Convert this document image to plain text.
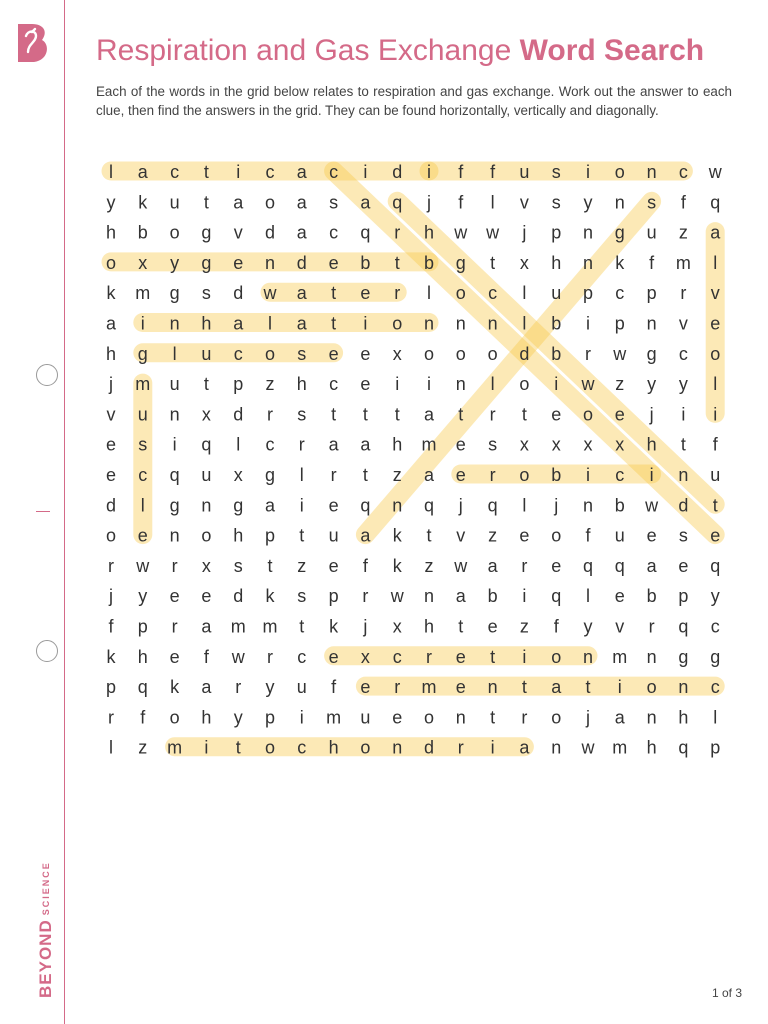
BEYONDSCIENCE
Respiration and Gas Exchange Word Search

Each of the words in the grid below relates to respiration and gas exchange. Work out the answer to each clue, then find the answers in the grid. They can be found horizontally, vertically and diagonally.

l a c t i c a c i d i f f u s i o n c w
y k u t a o a s a q j f l v s y n s f q
h b o g v d a c q r h w w j p n g u z a
o x y g e n d e b t b g t x h n k f m l
k m g s d w a t e r l o c l u p c p r v
a i n h a l a t i o n n n l b i p n v e
h g l u c o s e e x o o o d b r w g c o
j m u t p z h c e i i n l o i w z y y l
v u n x d r s t t t a t r t e o e j i i
e s i q l c r a a h m e s x x x x h t f
e c q u x g l r t z a e r o b i c i n u
d l g n g a i e q n q j q l j n b w d t
o e n o h p t u a k t v z e o f u e s e
r w r x s t z e f k z w a r e q q a e q
j y e e d k s p r w n a b i q l e b p y
f p r a m m t k j x h t e z f y v r q c
k h e f w r c e x c r e t i o n m n g g
p q k a r y u f e r m e n t a t i o n c
r f o h y p i m u e o n t r o j a n h l
l z m i t o c h o n d r i a n w m h q p
1 of 3
